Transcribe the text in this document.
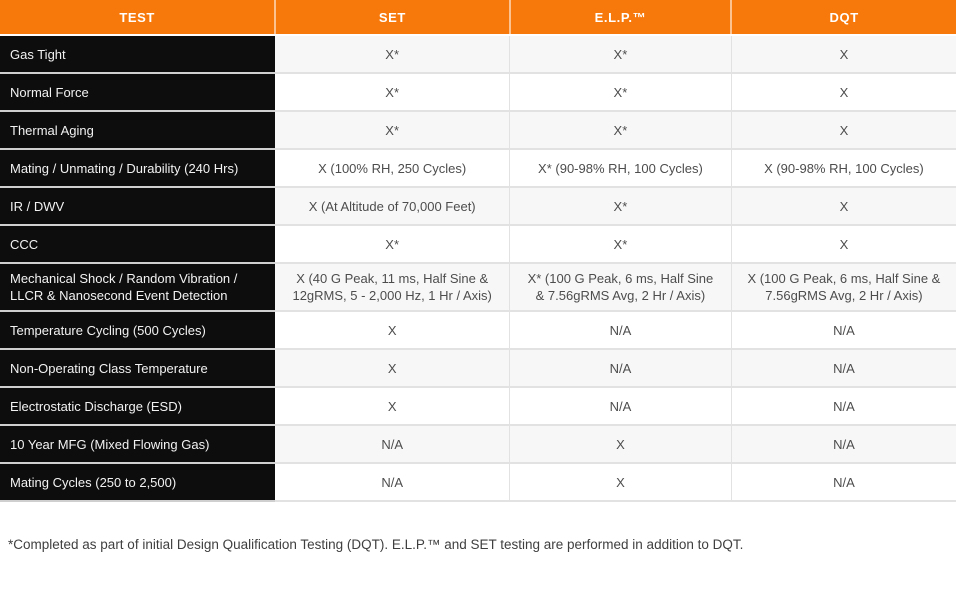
TEST	SET	E.L.P.™	DQT
Gas Tight	X*	X*	X
Normal Force	X*	X*	X
Thermal Aging	X*	X*	X
Mating / Unmating / Durability (240 Hrs)	X (100% RH, 250 Cycles)	X* (90-98% RH, 100 Cycles)	X (90-98% RH, 100 Cycles)
IR / DWV	X (At Altitude of 70,000 Feet)	X*	X
CCC	X*	X*	X
Mechanical Shock / Random Vibration / LLCR & Nanosecond Event Detection	X (40 G Peak, 11 ms, Half Sine & 12gRMS, 5 - 2,000 Hz, 1 Hr / Axis)	X* (100 G Peak, 6 ms, Half Sine & 7.56gRMS Avg, 2 Hr / Axis)	X (100 G Peak, 6 ms, Half Sine & 7.56gRMS Avg, 2 Hr / Axis)
Temperature Cycling (500 Cycles)	X	N/A	N/A
Non-Operating Class Temperature	X	N/A	N/A
Electrostatic Discharge (ESD)	X	N/A	N/A
10 Year MFG (Mixed Flowing Gas)	N/A	X	N/A
Mating Cycles (250 to 2,500)	N/A	X	N/A
*Completed as part of initial Design Qualification Testing (DQT). E.L.P.™ and SET testing are performed in addition to DQT.
